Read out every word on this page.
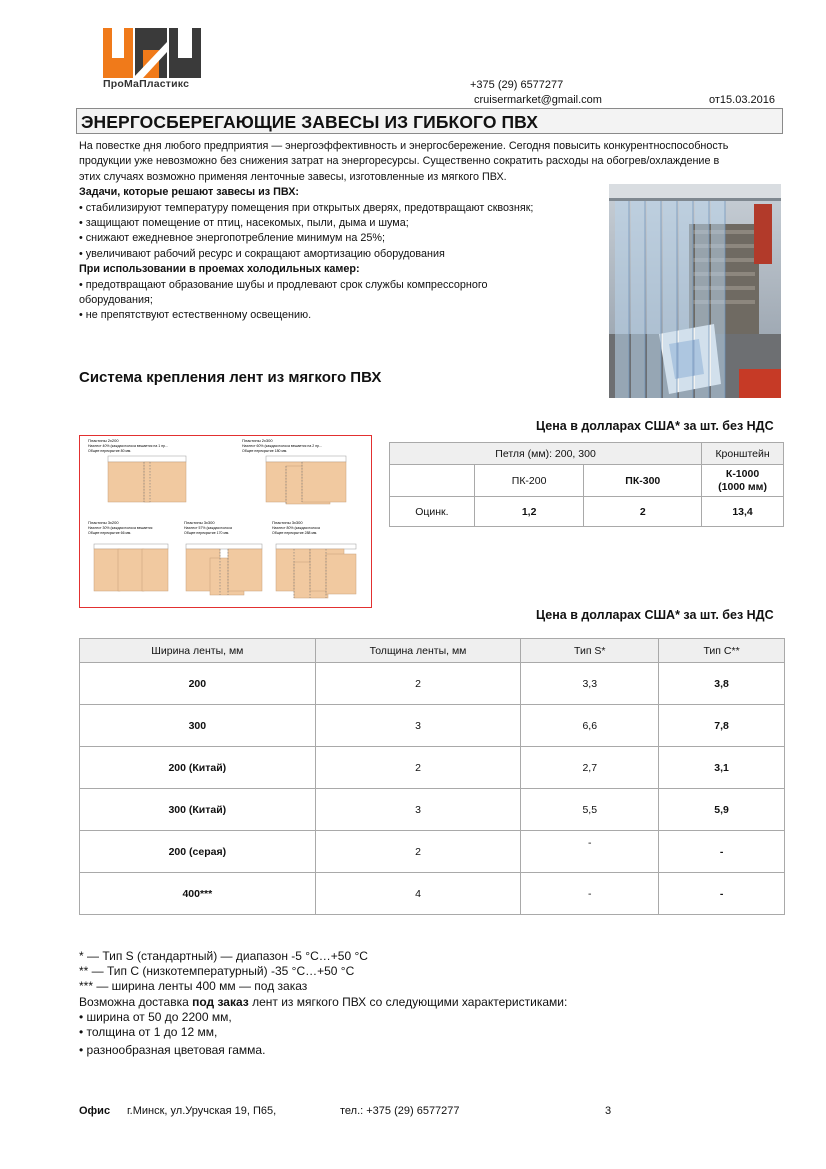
ПроМаПластикс	+375 (29) 6577277
cruisermarket@gmail.com	от15.03.2016
ЭНЕРГОСБЕРЕГАЮЩИЕ ЗАВЕСЫ ИЗ ГИБКОГО ПВХ

На повестке дня любого предприятия — энергоэффективность и энергосбережение. Сегодня повысить конкурентноспособность

продукции уже невозможно без снижения затрат на энергоресурсы. Существенно сократить расходы на обогрев/охлаждение в

этих случаях возможно применяя ленточные завесы, изготовленные из мягкого ПВХ.

Задачи, которые решают завесы из ПВХ:

• стабилизируют температуру помещения при открытых дверях, предотвращают сквозняк;

• защищают помещение от птиц, насекомых, пыли, дыма и шума;

• снижают ежедневное энергопотребление минимум на 25%;

• увеличивают рабочий ресурс и сокращают амортизацию оборудования

При использовании в проемах холодильных камер:

• предотвращают образование шубы и продлевают срок службы компрессорного

оборудования;

• не препятствуют естественному освещению.

Система крепления лент из мягкого ПВХ
Цена в долларах США* за шт. без НДС
Пластины 2х200
Нахлест 40% (каждая полоса вешается на 1 пр...
Общее перекрытие 80 мм.
Пластины 2х300
Нахлест 60% (каждая полоса вешается на 2 пр...
Общее перекрытие 180 мм.
Пластины 3х200
Нахлест 30% (каждая полоса вешается
Общее перекрытие 66 мм.
Пластины 3х300
Нахлест 57% (каждая полоса
Общее перекрытие 170 мм.
Пластины 3х300
Нахлест 80% (каждая полоса
Общее перекрытие 288 мм.
Петля (мм): 200, 300			Кронштейн
	ПК-200	ПК-300	К-1000
(1000 мм)

Оцинк.	1,2	2	13,4
Цена в долларах США* за шт. без НДС
Ширина ленты, мм	Толщина ленты, мм	Тип S*	Тип C**
200	2	3,3	3,8
300	3	6,6	7,8
200 (Китай)	2	2,7	3,1
300 (Китай)	3	5,5	5,9
200 (серая)	2	-	-
400***	4	-	-

* — Тип S (стандартный) — диапазон -5 °С…+50 °С

** — Тип С (низкотемпературный) -35 °С…+50 °С

*** — ширина ленты 400 мм — под заказ

Возможна доставка под заказ лент из мягкого ПВХ со следующими характеристиками:

• ширина от 50 до 2200 мм,

• толщина от 1 до 12 мм,

• разнообразная цветовая гамма.

Офис г.Минск, ул.Уручская 19, П65,	тел.: +375 (29) 6577277	3
